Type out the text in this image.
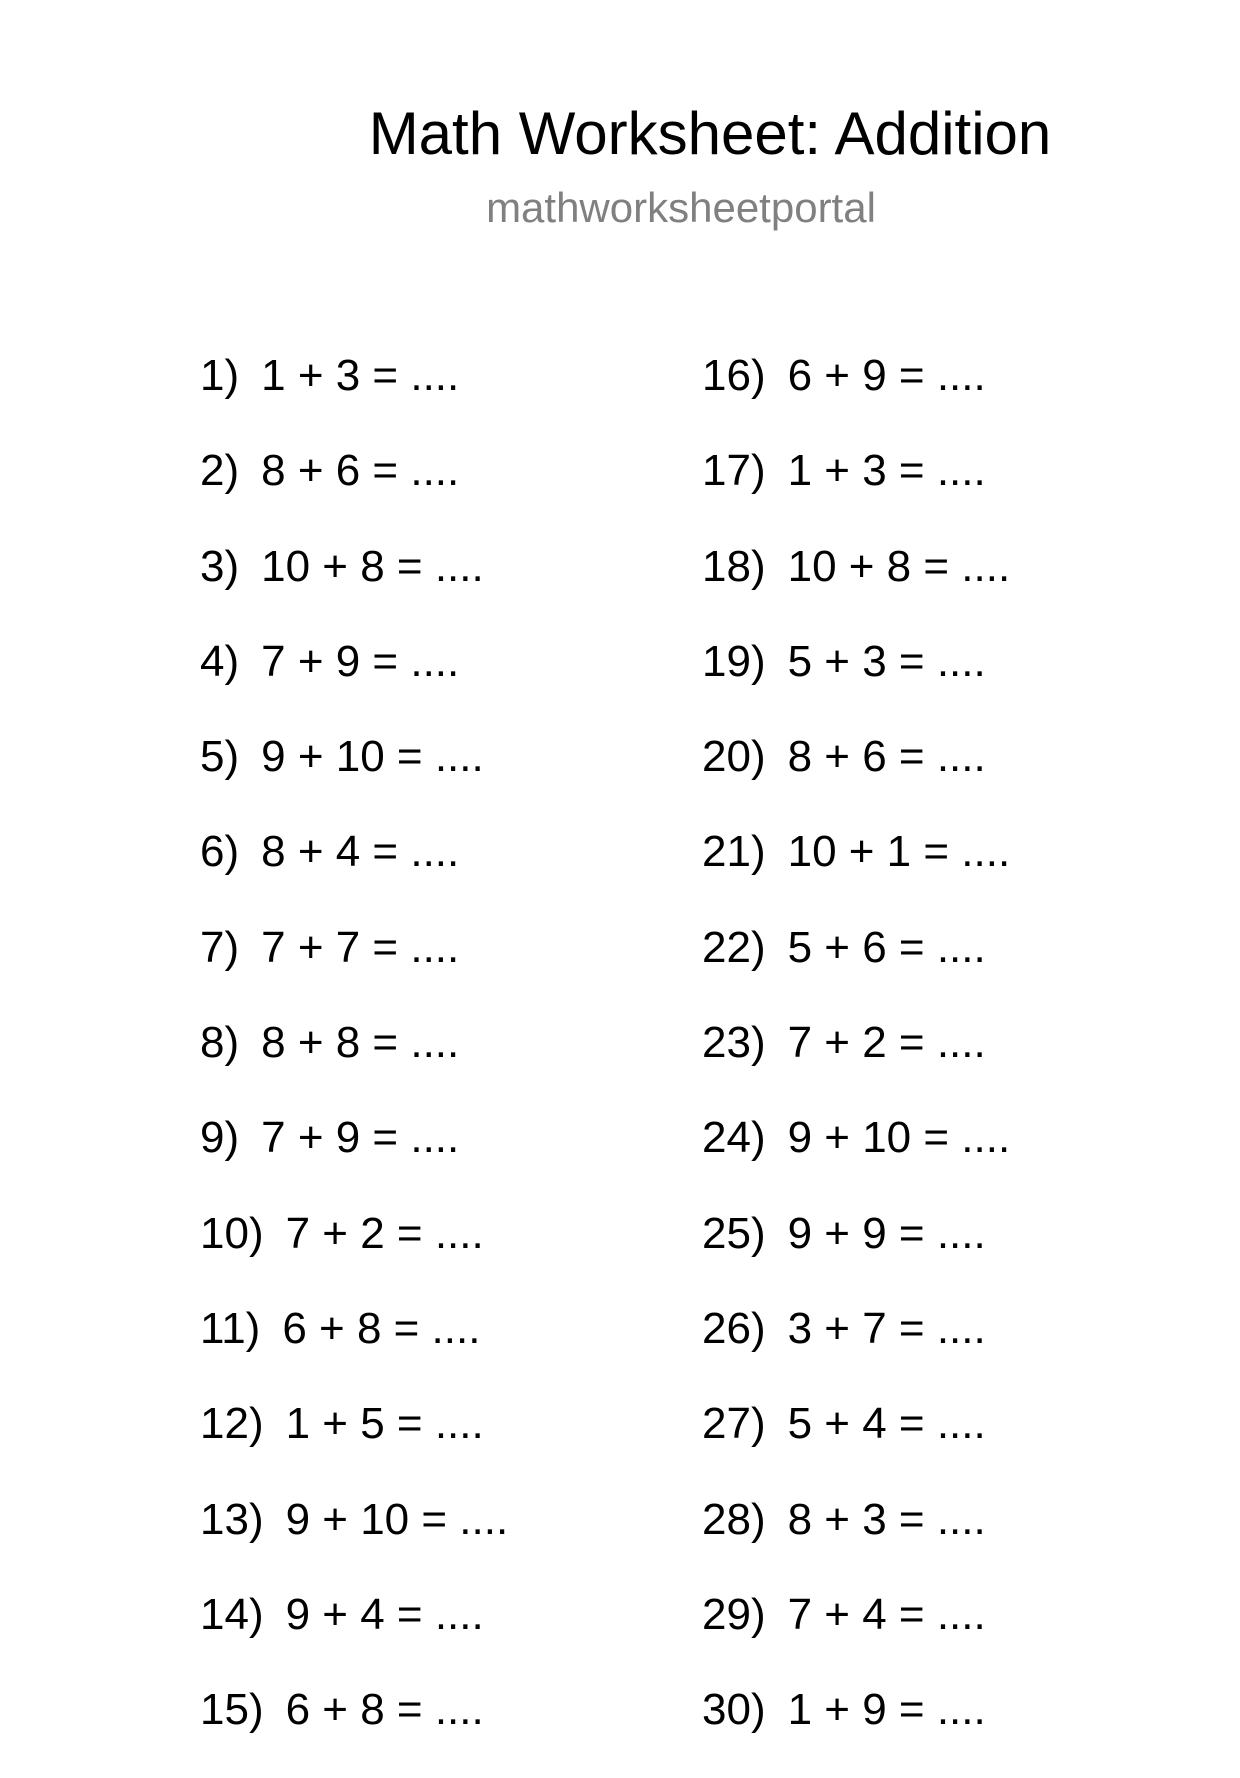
Math Worksheet: Addition
mathworksheetportal
1) 1 + 3 = ....
2) 8 + 6 = ....
3) 10 + 8 = ....
4) 7 + 9 = ....
5) 9 + 10 = ....
6) 8 + 4 = ....
7) 7 + 7 = ....
8) 8 + 8 = ....
9) 7 + 9 = ....
10) 7 + 2 = ....
11) 6 + 8 = ....
12) 1 + 5 = ....
13) 9 + 10 = ....
14) 9 + 4 = ....
15) 6 + 8 = ....
16) 6 + 9 = ....
17) 1 + 3 = ....
18) 10 + 8 = ....
19) 5 + 3 = ....
20) 8 + 6 = ....
21) 10 + 1 = ....
22) 5 + 6 = ....
23) 7 + 2 = ....
24) 9 + 10 = ....
25) 9 + 9 = ....
26) 3 + 7 = ....
27) 5 + 4 = ....
28) 8 + 3 = ....
29) 7 + 4 = ....
30) 1 + 9 = ....
